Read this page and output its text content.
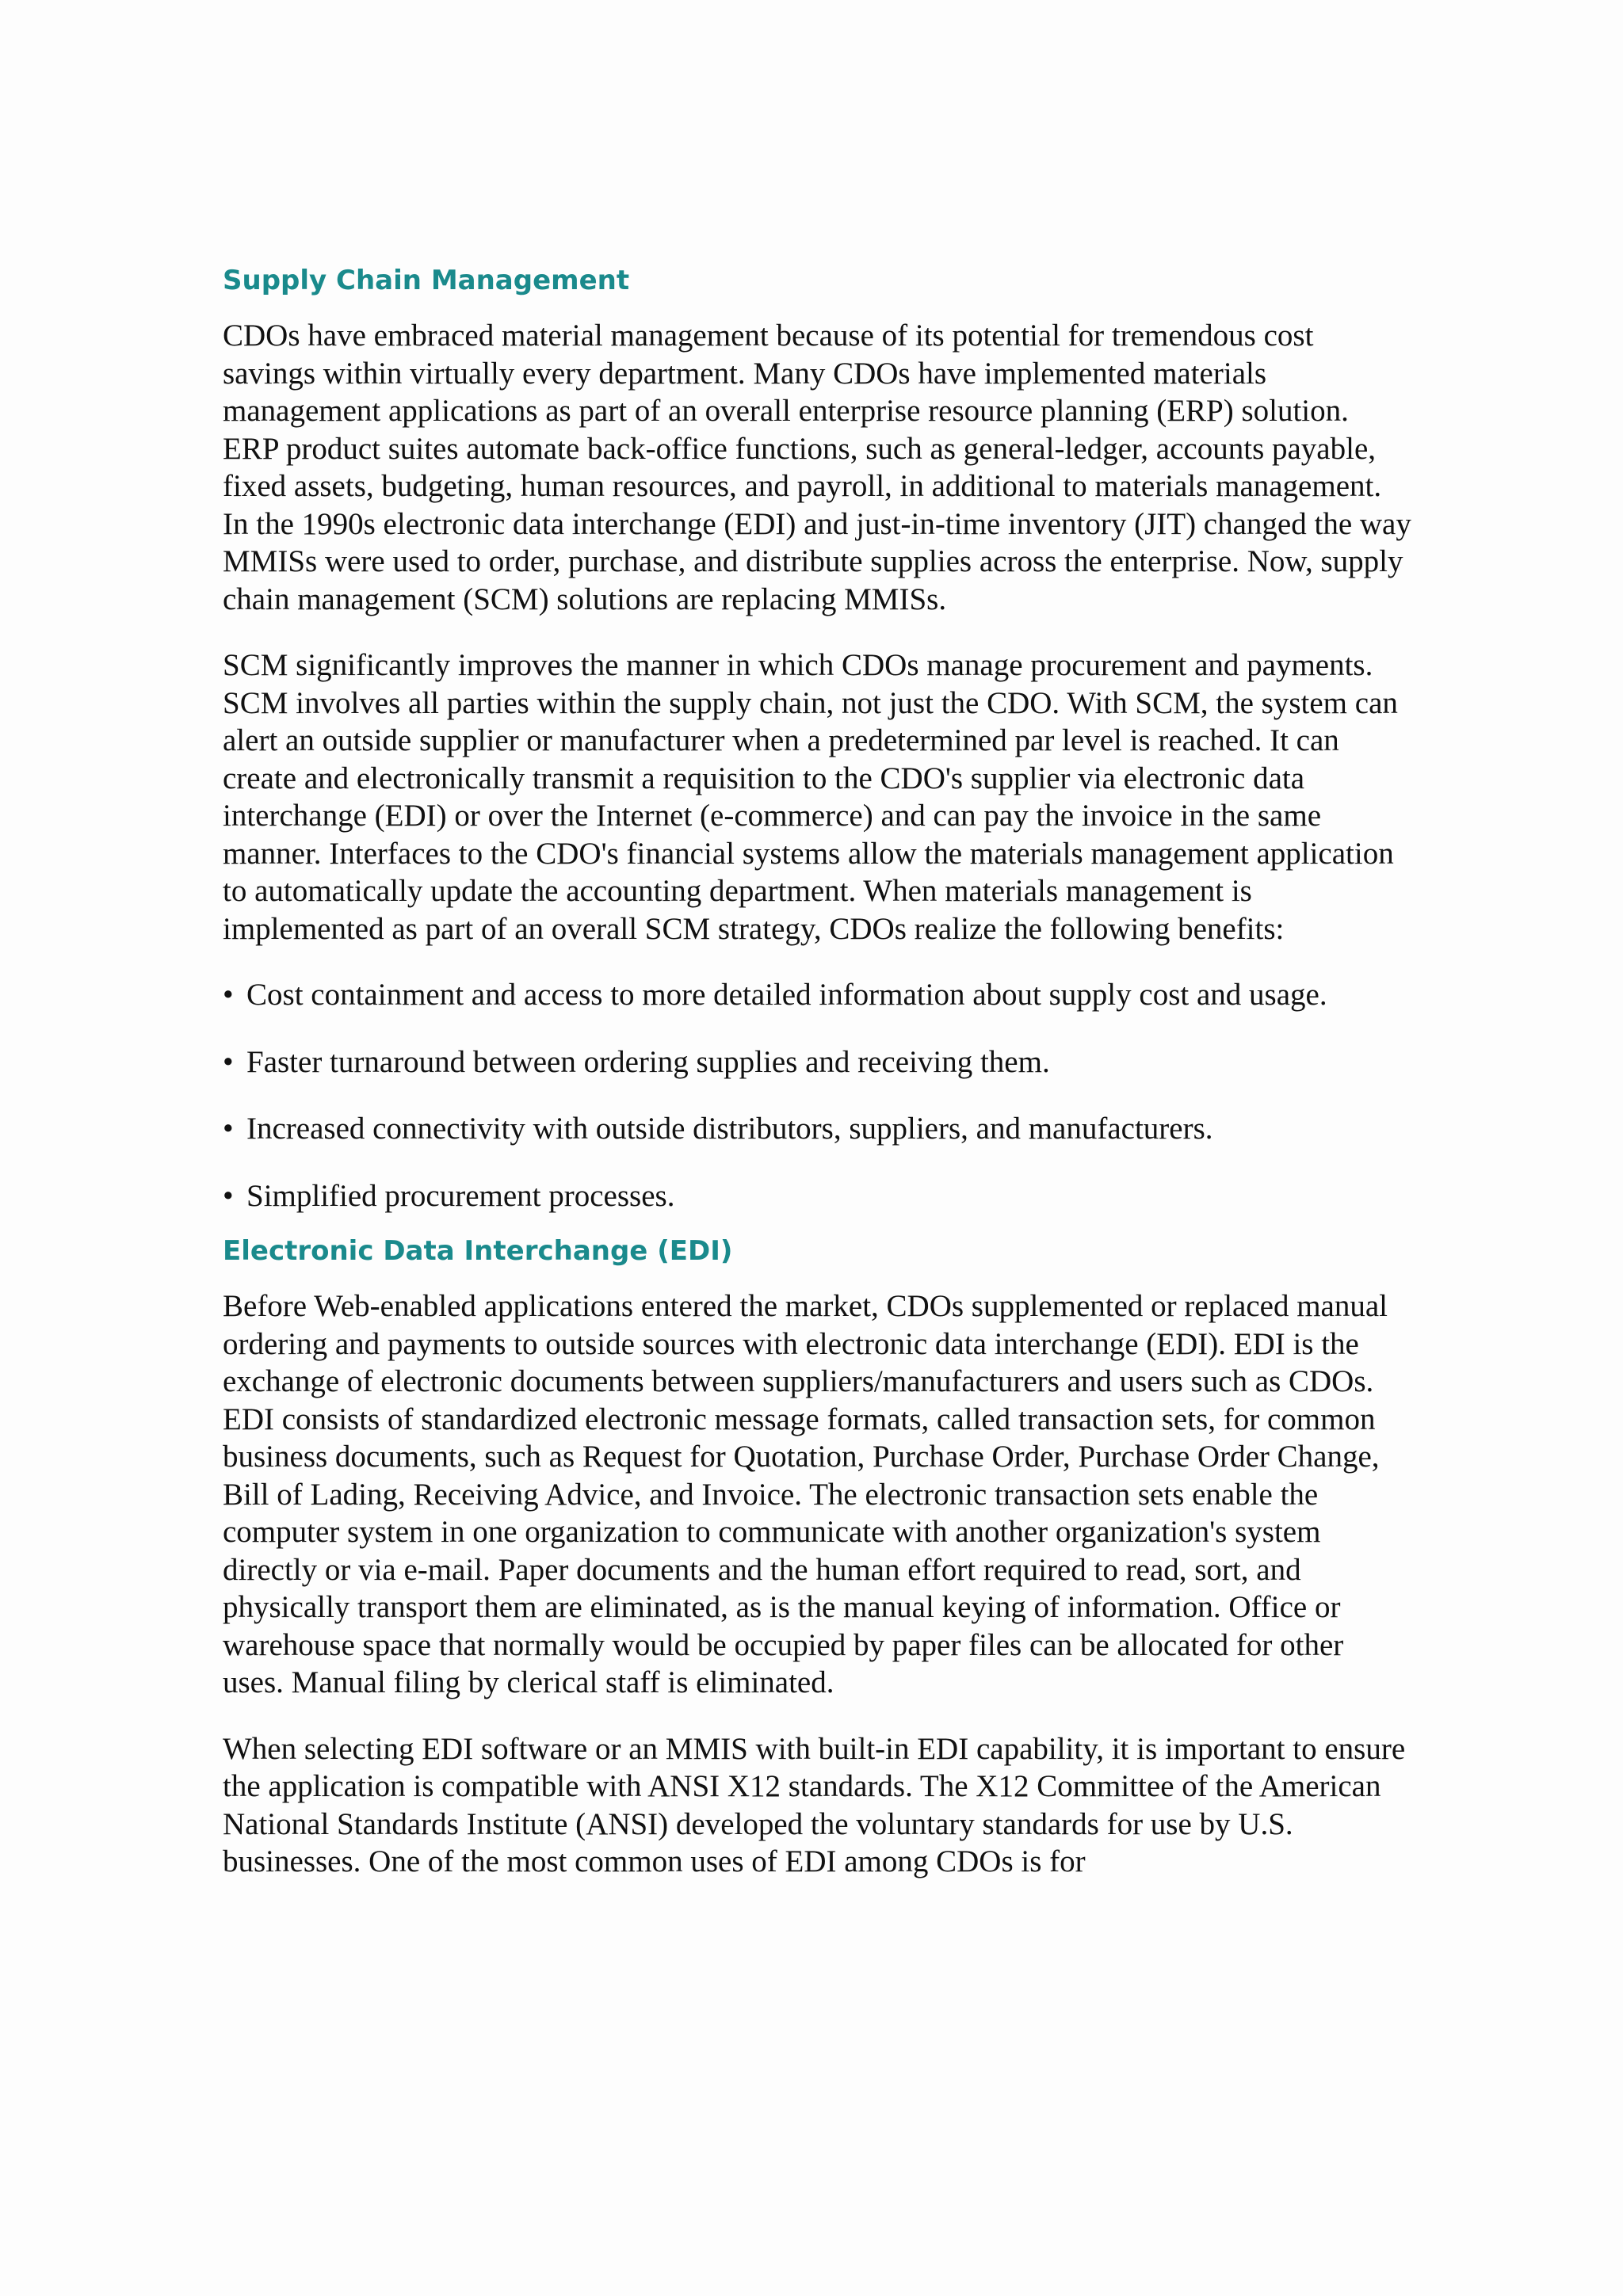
Supply Chain Management

CDOs have embraced material management because of its potential for tremendous cost savings within virtually every department. Many CDOs have implemented materials management applications as part of an overall enterprise resource planning (ERP) solution. ERP product suites automate back-office functions, such as general-ledger, accounts payable, fixed assets, budgeting, human resources, and payroll, in additional to materials management. In the 1990s electronic data interchange (EDI) and just-in-time inventory (JIT) changed the way MMISs were used to order, purchase, and distribute supplies across the enterprise. Now, supply chain management (SCM) solutions are replacing MMISs.

SCM significantly improves the manner in which CDOs manage procurement and payments. SCM involves all parties within the supply chain, not just the CDO. With SCM, the system can alert an outside supplier or manufacturer when a predetermined par level is reached. It can create and electronically transmit a requisition to the CDO's supplier via electronic data interchange (EDI) or over the Internet (e-commerce) and can pay the invoice in the same manner. Interfaces to the CDO's financial systems allow the materials management application to automatically update the accounting department. When materials management is implemented as part of an overall SCM strategy, CDOs realize the following benefits:

• Cost containment and access to more detailed information about supply cost and usage.
• Faster turnaround between ordering supplies and receiving them.
• Increased connectivity with outside distributors, suppliers, and manufacturers.
• Simplified procurement processes.
Electronic Data Interchange (EDI)

Before Web-enabled applications entered the market, CDOs supplemented or replaced manual ordering and payments to outside sources with electronic data interchange (EDI). EDI is the exchange of electronic documents between suppliers/manufacturers and users such as CDOs. EDI consists of standardized electronic message formats, called transaction sets, for common business documents, such as Request for Quotation, Purchase Order, Purchase Order Change, Bill of Lading, Receiving Advice, and Invoice. The electronic transaction sets enable the computer system in one organization to communicate with another organization's system directly or via e-mail. Paper documents and the human effort required to read, sort, and physically transport them are eliminated, as is the manual keying of information. Office or warehouse space that normally would be occupied by paper files can be allocated for other uses. Manual filing by clerical staff is eliminated.

When selecting EDI software or an MMIS with built-in EDI capability, it is important to ensure the application is compatible with ANSI X12 standards. The X12 Committee of the American National Standards Institute (ANSI) developed the voluntary standards for use by U.S. businesses. One of the most common uses of EDI among CDOs is for
